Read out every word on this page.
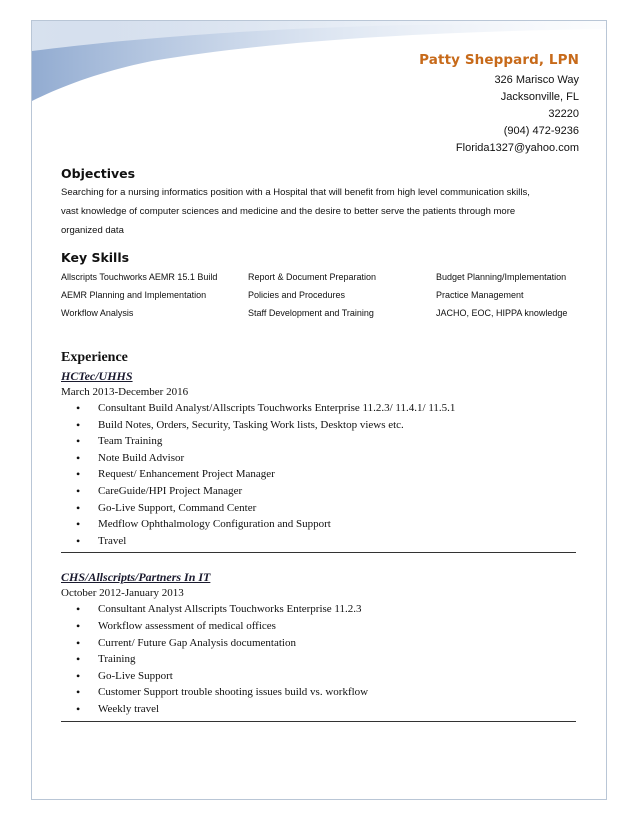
Patty Sheppard, LPN
326 Marisco Way
Jacksonville, FL
32220
(904) 472-9236
Florida1327@yahoo.com
Objectives
Searching for a nursing informatics position with a Hospital that will benefit from high level communication skills,
vast knowledge of computer sciences and medicine and the desire to better serve the patients through more
organized data
Key Skills
Allscripts Touchworks AEMR 15.1 Build	Report & Document Preparation	Budget Planning/Implementation
AEMR Planning and Implementation	Policies and Procedures	Practice Management
Workflow Analysis	Staff Development and Training	JACHO, EOC, HIPPA knowledge
Experience
HCTec/UHHS
March 2013-December 2016
• Consultant Build Analyst/Allscripts Touchworks Enterprise 11.2.3/ 11.4.1/ 11.5.1
• Build Notes, Orders, Security, Tasking Work lists, Desktop views etc.
• Team Training
• Note Build Advisor
• Request/ Enhancement Project Manager
• CareGuide/HPI Project Manager
• Go-Live Support, Command Center
• Medflow Ophthalmology Configuration and Support
• Travel
CHS/Allscripts/Partners In IT
October 2012-January 2013
• Consultant Analyst Allscripts Touchworks Enterprise 11.2.3
• Workflow assessment of medical offices
• Current/ Future Gap Analysis documentation
• Training
• Go-Live Support
• Customer Support trouble shooting issues build vs. workflow
• Weekly travel
